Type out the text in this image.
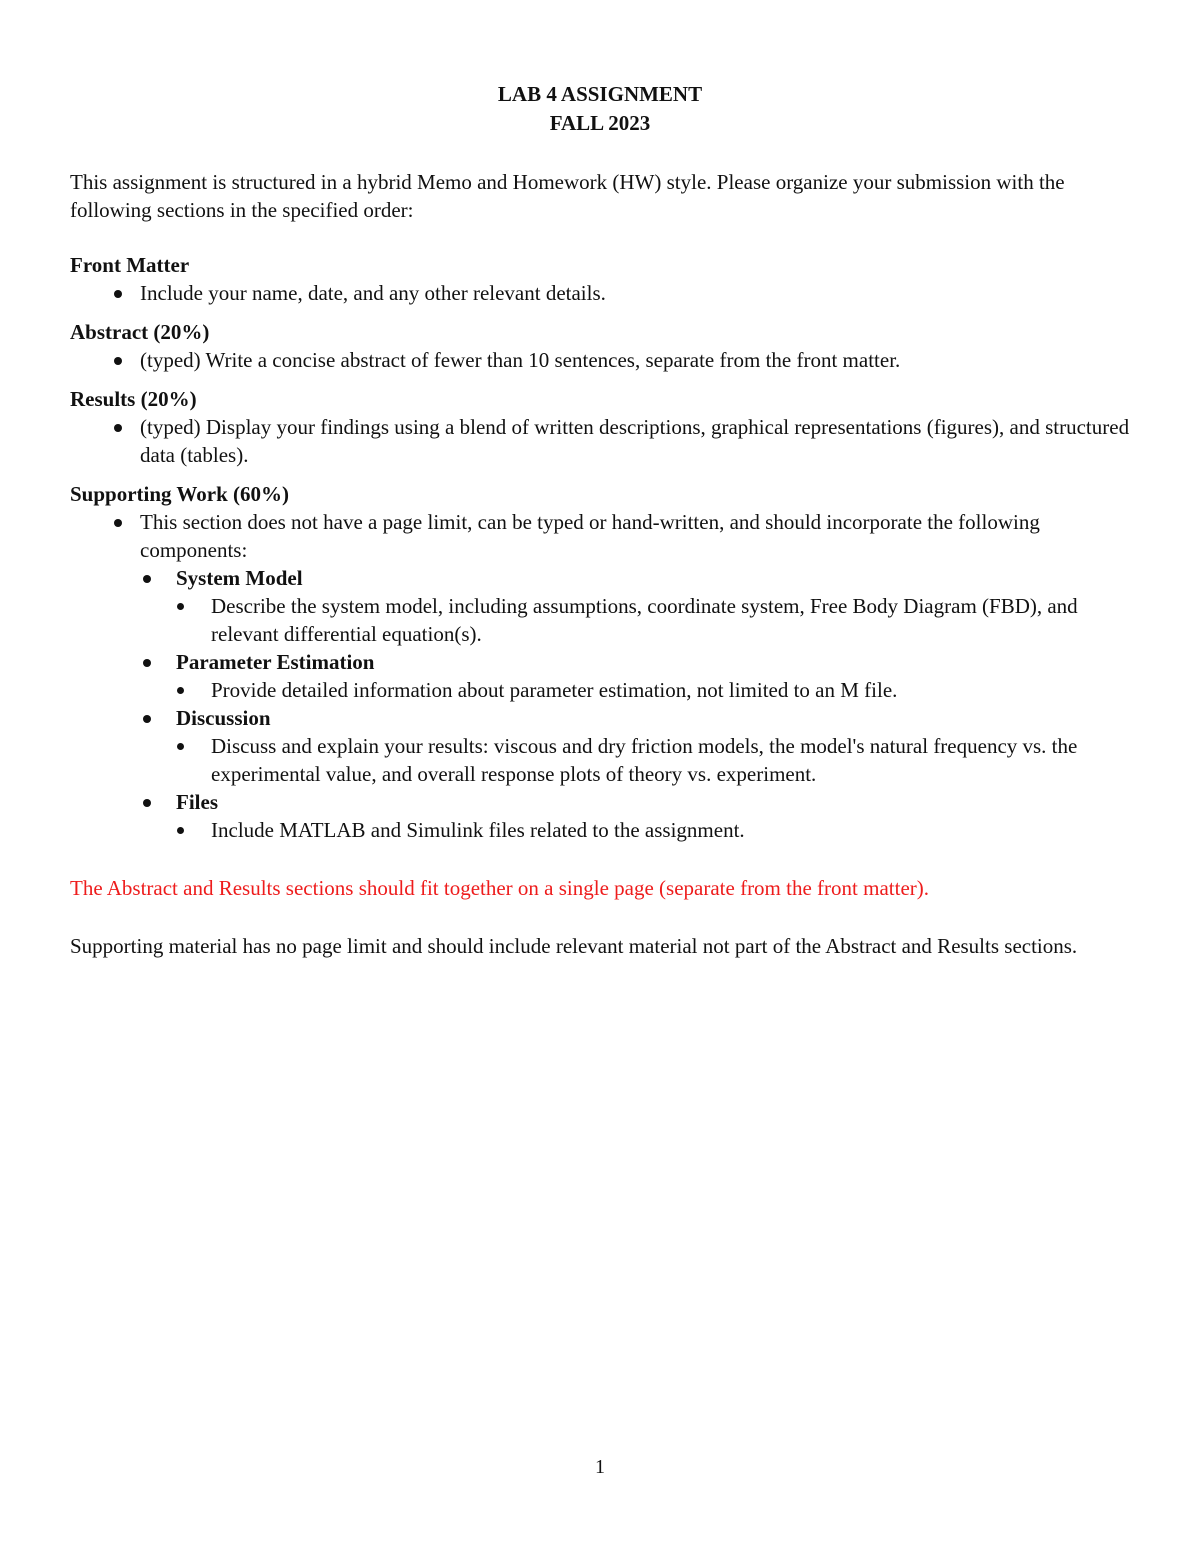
LAB 4 ASSIGNMENT
FALL 2023
This assignment is structured in a hybrid Memo and Homework (HW) style. Please organize your submission with the following sections in the specified order:
Front Matter
Include your name, date, and any other relevant details.
Abstract (20%)
(typed) Write a concise abstract of fewer than 10 sentences, separate from the front matter.
Results (20%)
(typed) Display your findings using a blend of written descriptions, graphical representations (figures), and structured data (tables).
Supporting Work (60%)
This section does not have a page limit, can be typed or hand-written, and should incorporate the following components:
System Model
Describe the system model, including assumptions, coordinate system, Free Body Diagram (FBD), and relevant differential equation(s).
Parameter Estimation
Provide detailed information about parameter estimation, not limited to an M file.
Discussion
Discuss and explain your results: viscous and dry friction models, the model's natural frequency vs. the experimental value, and overall response plots of theory vs. experiment.
Files
Include MATLAB and Simulink files related to the assignment.
The Abstract and Results sections should fit together on a single page (separate from the front matter).
Supporting material has no page limit and should include relevant material not part of the Abstract and Results sections.
1
